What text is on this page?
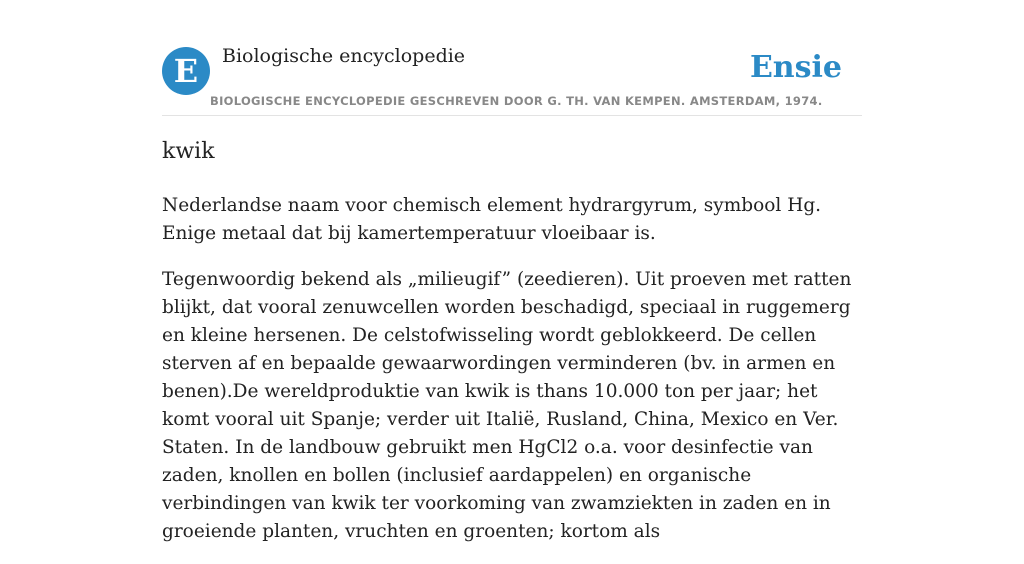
E	Biologische encyclopedie
BIOLOGISCHE ENCYCLOPEDIE GESCHREVEN DOOR G. TH. VAN KEMPEN. AMSTERDAM, 1974.
Ensie
kwik

Nederlandse naam voor chemisch element hydrargyrum, symbool Hg. Enige metaal dat bij kamertemperatuur vloeibaar is.

Tegenwoordig bekend als „milieugif” (zeedieren). Uit proeven met ratten blijkt, dat vooral zenuwcellen worden beschadigd, speciaal in ruggemerg en kleine hersenen. De celstofwisseling wordt geblokkeerd. De cellen sterven af en bepaalde gewaarwordingen verminderen (bv. in armen en benen).De wereldproduktie van kwik is thans 10.000 ton per jaar; het komt vooral uit Spanje; verder uit Italië, Rusland, China, Mexico en Ver. Staten. In de landbouw gebruikt men HgCl2 o.a. voor desinfectie van zaden, knollen en bollen (inclusief aardappelen) en organische verbindingen van kwik ter voorkoming van zwamziekten in zaden en in groeiende planten, vruchten en groenten; kortom als
